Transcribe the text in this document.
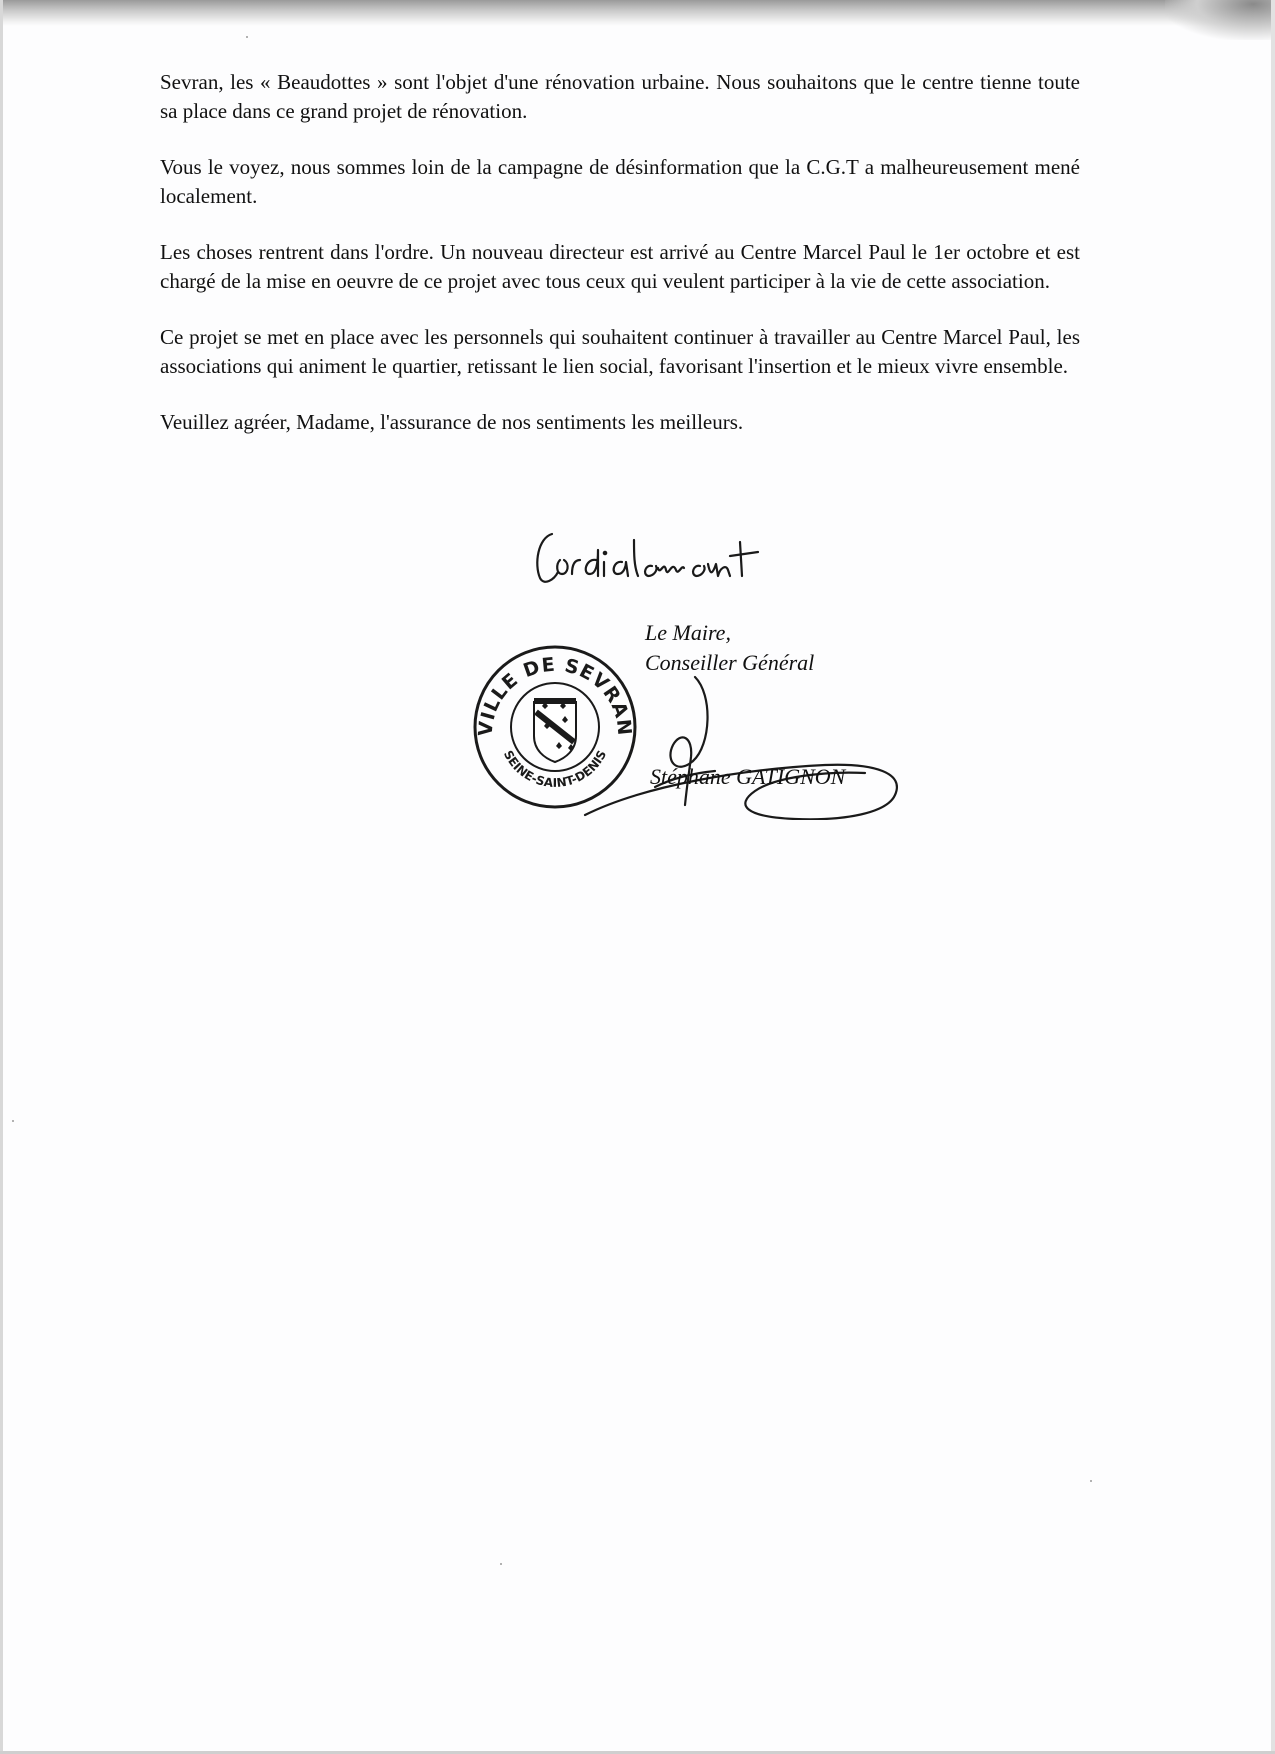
Sevran, les « Beaudottes » sont l'objet d'une rénovation urbaine. Nous souhaitons que le centre tienne toute sa place dans ce grand projet de rénovation.

Vous le voyez, nous sommes loin de la campagne de désinformation que la C.G.T a malheureusement mené localement.

Les choses rentrent dans l'ordre. Un nouveau directeur est arrivé au Centre Marcel Paul le 1er octobre et est chargé de la mise en oeuvre de ce projet avec tous ceux qui veulent participer à la vie de cette association.

Ce projet se met en place avec les personnels qui souhaitent continuer à travailler au Centre Marcel Paul, les associations qui animent le quartier, retissant le lien social, favorisant l'insertion et le mieux vivre ensemble.

Veuillez agréer, Madame, l'assurance de nos sentiments les meilleurs.

VILLE DE SEVRAN
SEINE-SAINT-DENIS
Le Maire,
Conseiller Général
Stéphane GATIGNON
